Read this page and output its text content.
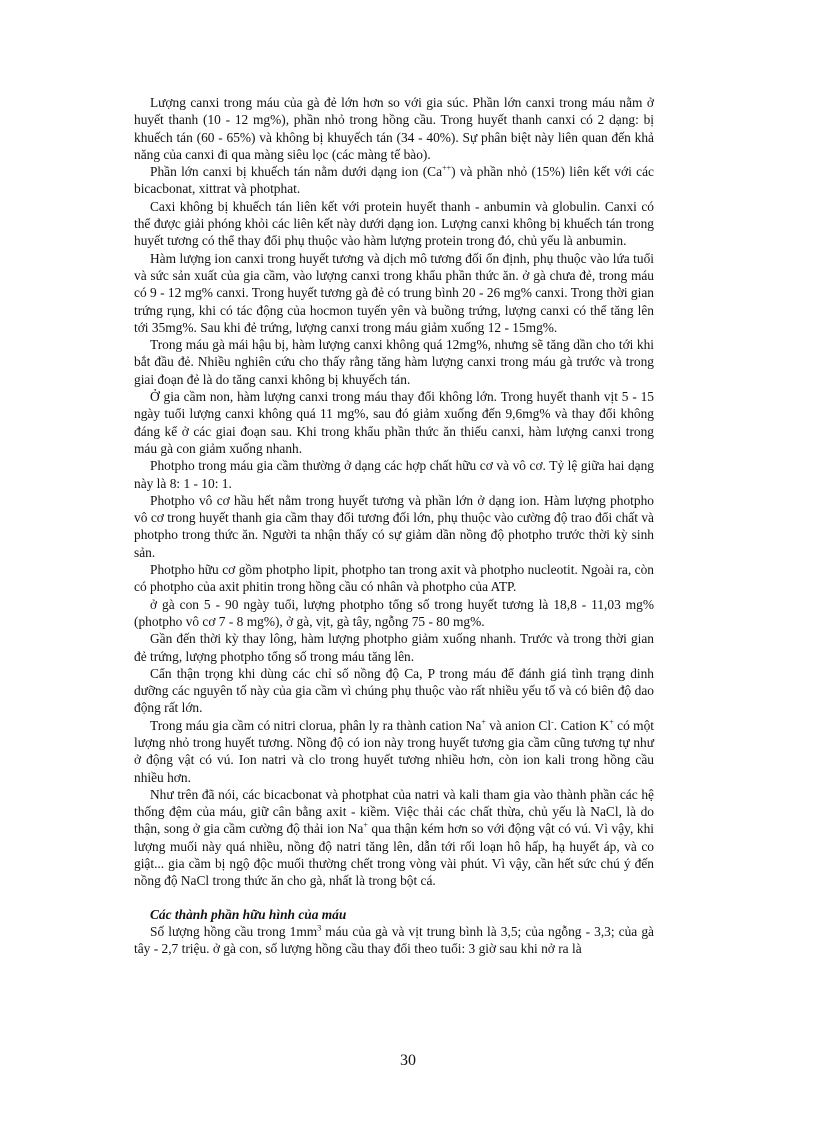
Lượng canxi trong máu của gà đẻ lớn hơn so với gia súc. Phần lớn canxi trong máu nằm ở huyết thanh (10 - 12 mg%), phần nhỏ trong hồng cầu. Trong huyết thanh canxi có 2 dạng: bị khuếch tán (60 - 65%) và không bị khuyếch tán (34 - 40%). Sự phân biệt này liên quan đến khả năng của canxi đi qua màng siêu lọc (các màng tế bào).

Phần lớn canxi bị khuếch tán nằm dưới dạng ion (Ca++) và phần nhỏ (15%) liên kết với các bicacbonat, xittrat và photphat.

Caxi không bị khuếch tán liên kết với protein huyết thanh - anbumin và globulin. Canxi có thể được giải phóng khỏi các liên kết này dưới dạng ion. Lượng canxi không bị khuếch tán trong huyết tương có thể thay đổi phụ thuộc vào hàm lượng protein trong đó, chủ yếu là anbumin.

Hàm lượng ion canxi trong huyết tương và dịch mô tương đối ổn định, phụ thuộc vào lứa tuổi và sức sản xuất của gia cầm, vào lượng canxi trong khẩu phần thức ăn. ở gà chưa đẻ, trong máu có 9 - 12 mg% canxi. Trong huyết tương gà đẻ có trung bình 20 - 26 mg% canxi. Trong thời gian trứng rụng, khi có tác động của hocmon tuyến yên và buồng trứng, lượng canxi có thể tăng lên tới 35mg%. Sau khi đẻ trứng, lượng canxi trong máu giảm xuống 12 - 15mg%.

Trong máu gà mái hậu bị, hàm lượng canxi không quá 12mg%, nhưng sẽ tăng dần cho tới khi bắt đầu đẻ. Nhiều nghiên cứu cho thấy rằng tăng hàm lượng canxi trong máu gà trước và trong giai đoạn đẻ là do tăng canxi không bị khuyếch tán.

Ở gia cầm non, hàm lượng canxi trong máu thay đổi không lớn. Trong huyết thanh vịt 5 - 15 ngày tuổi lượng canxi không quá 11 mg%, sau đó giảm xuống đến 9,6mg% và thay đổi không đáng kể ở các giai đoạn sau. Khi trong khẩu phần thức ăn thiếu canxi, hàm lượng canxi trong máu gà con giảm xuống nhanh.

Photpho trong máu gia cầm thường ở dạng các hợp chất hữu cơ và vô cơ. Tỷ lệ giữa hai dạng này là 8: 1 - 10: 1.

Photpho vô cơ hầu hết nằm trong huyết tương và phần lớn ở dạng ion. Hàm lượng photpho vô cơ trong huyết thanh gia cầm thay đổi tương đối lớn, phụ thuộc vào cường độ trao đổi chất và photpho trong thức ăn. Người ta nhận thấy có sự giảm dần nồng độ photpho trước thời kỳ sinh sản.

Photpho hữu cơ gồm photpho lipit, photpho tan trong axit và photpho nucleotit. Ngoài ra, còn có photpho của axit phitin trong hồng cầu có nhân và photpho của ATP.

ở gà con 5 - 90 ngày tuổi, lượng photpho tổng số trong huyết tương là 18,8 - 11,03 mg% (photpho vô cơ 7 - 8 mg%), ở gà, vịt, gà tây, ngỗng 75 - 80 mg%.

Gần đến thời kỳ thay lông, hàm lượng photpho giảm xuống nhanh. Trước và trong thời gian đẻ trứng, lượng photpho tổng số trong máu tăng lên.

Cẩn thận trọng khi dùng các chỉ số nồng độ Ca, P trong máu để đánh giá tình trạng dinh dưỡng các nguyên tố này của gia cầm vì chúng phụ thuộc vào rất nhiều yếu tố và có biên độ dao động rất lớn.

Trong máu gia cầm có nitri clorua, phân ly ra thành cation Na+ và anion Cl-. Cation K+ có một lượng nhỏ trong huyết tương. Nồng độ có ion này trong huyết tương gia cầm cũng tương tự như ở động vật có vú. Ion natri và clo trong huyết tương nhiều hơn, còn ion kali trong hồng cầu nhiều hơn.

Như trên đã nói, các bicacbonat và photphat của natri và kali tham gia vào thành phần các hệ thống đệm của máu, giữ cân bằng axit - kiềm. Việc thải các chất thừa, chủ yếu là NaCl, là do thận, song ở gia cầm cường độ thải ion Na+ qua thận kém hơn so với động vật có vú. Vì vậy, khi lượng muối này quá nhiều, nồng độ natri tăng lên, dẫn tới rối loạn hô hấp, hạ huyết áp, và co giật... gia cầm bị ngộ độc muối thường chết trong vòng vài phút. Vì vậy, cần hết sức chú ý đến nồng độ NaCl trong thức ăn cho gà, nhất là trong bột cá.

Các thành phần hữu hình của máu

Số lượng hồng cầu trong $1mm^3$ máu của gà và vịt trung bình là 3,5; của ngỗng - 3,3; của gà tây - 2,7 triệu. ở gà con, số lượng hồng cầu thay đổi theo tuổi: 3 giờ sau khi nở ra là

30
